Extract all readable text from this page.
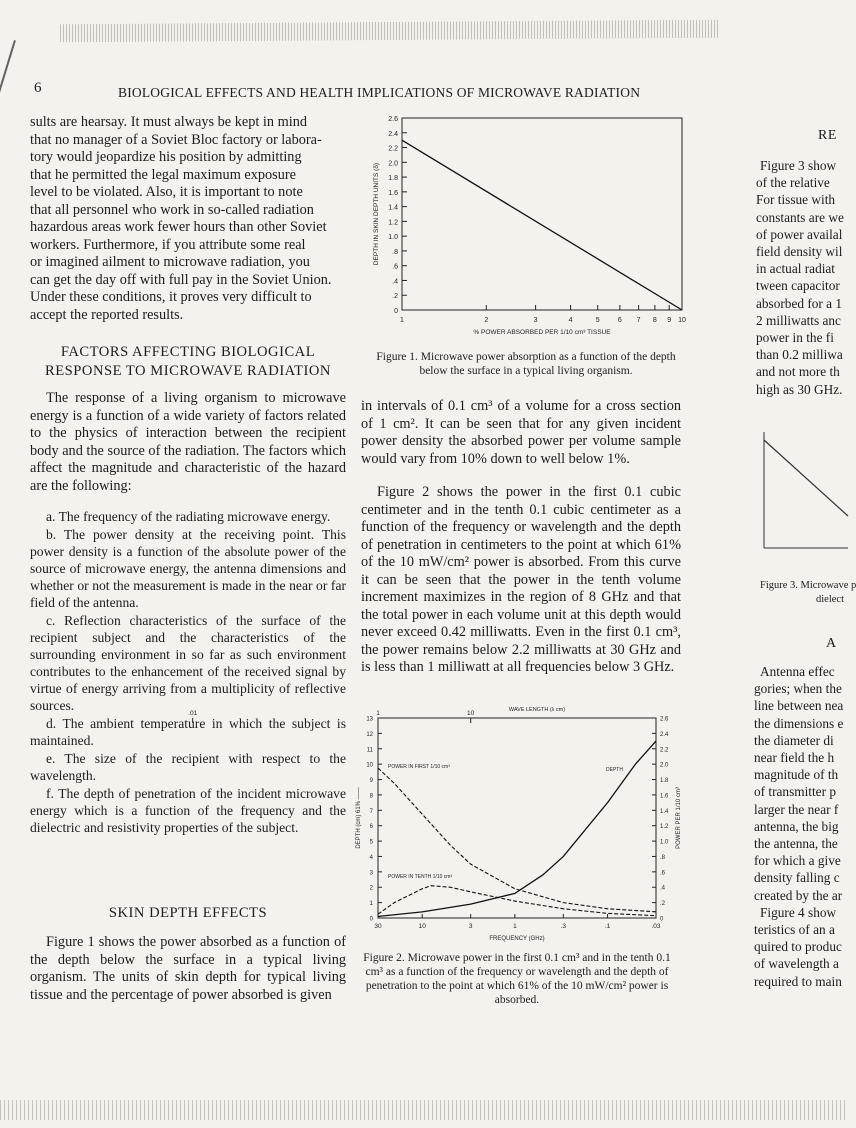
6	BIOLOGICAL EFFECTS AND HEALTH IMPLICATIONS OF MICROWAVE RADIATION
sults are hearsay. It must always be kept in mind
that no manager of a Soviet Bloc factory or labora-
tory would jeopardize his position by admitting
that he permitted the legal maximum exposure
level to be violated. Also, it is important to note
that all personnel who work in so-called radiation
hazardous areas work fewer hours than other Soviet
workers. Furthermore, if you attribute some real
or imagined ailment to microwave radiation, you
can get the day off with full pay in the Soviet Union.
Under these conditions, it proves very difficult to
accept the reported results.
FACTORS AFFECTING BIOLOGICAL
RESPONSE TO MICROWAVE RADIATION

The response of a living organism to microwave energy is a function of a wide variety of factors related to the physics of interaction between the recipient body and the source of the radiation. The factors which affect the magnitude and characteristic of the hazard are the following:

a. The frequency of the radiating microwave energy.

b. The power density at the receiving point. This power density is a function of the absolute power of the source of microwave energy, the antenna dimensions and whether or not the measurement is made in the near or far field of the antenna.

c. Reflection characteristics of the surface of the recipient subject and the characteristics of the surrounding environment in so far as such environment contributes to the enhancement of the received signal by virtue of energy arriving from a multiplicity of reflective sources.

d. The ambient temperature in which the subject is maintained.

e. The size of the recipient with respect to the wavelength.

f. The depth of penetration of the incident microwave energy which is a function of the frequency and the dielectric and resistivity properties of the subject.

SKIN DEPTH EFFECTS

Figure 1 shows the power absorbed as a function of the depth below the surface in a typical living organism. The units of skin depth for typical living tissue and the percentage of power absorbed is given

in intervals of 0.1 cm³ of a volume for a cross section of 1 cm². It can be seen that for any given incident power density the absorbed power per volume sample would vary from 10% down to well below 1%.

Figure 2 shows the power in the first 0.1 cubic centimeter and in the tenth 0.1 cubic centimeter as a function of the frequency or wavelength and the depth of penetration in centimeters to the point at which 61% of the 10 mW/cm² power is absorbed. From this curve it can be seen that the power in the tenth volume increment maximizes in the region of 8 GHz and that the total power in each volume unit at this depth would never exceed 0.42 milliwatts. Even in the first 0.1 cm³, the power remains below 2.2 milliwatts at 30 GHz and is less than 1 milliwatt at all frequencies below 3 GHz.

0
.2
.4
.6
.8
1.0
1.2
1.4
1.6
1.8
2.0
2.2
2.4
2.6
1	2	3	4	5	6 7 8 9 10
% POWER ABSORBED PER 1/10 cm³ TISSUE
DEPTH IN SKIN DEPTH UNITS (δ)
Figure 1. Microwave power absorption as a function of the depth below the surface in a typical living organism.
.01	1	10	WAVE LENGTH (λ cm)
0
1
2
3
4
5
6
7
8
9
10
11
12
13
0
.2
.4
.6
.8
1.0
1.2
1.4
1.6
1.8
2.0
2.2
2.4
2.6
30	10	3	1	.3	.1	.03
FREQUENCY (GHz)
DEPTH (cm) 61% ——	POWER PER 1/10 cm³
DEPTH
POWER IN FIRST 1/10 cm³
POWER IN TENTH 1/10 cm³
Figure 2. Microwave power in the first 0.1 cm³ and in the tenth 0.1 cm³ as a function of the frequency or wavelength and the depth of penetration to the point at which 61% of the 10 mW/cm² power is absorbed.
RE
Figure 3 show
of the relative
For tissue with
constants are we
of power availal
field density wil
in actual radiat
tween capacitor
absorbed for a 1
2 milliwatts anc
power in the fi
than 0.2 milliwa
and not more th
high as 30 GHz.
Figure 3. Microwave p
dielect
A
Antenna effec
gories; when the
line between nea
the dimensions e
the diameter di
near field the h
magnitude of th
of transmitter p
larger the near f
antenna, the big
the antenna, the
for which a give
density falling c
created by the ar
Figure 4 show
teristics of an a
quired to produc
of wavelength a
required to main
